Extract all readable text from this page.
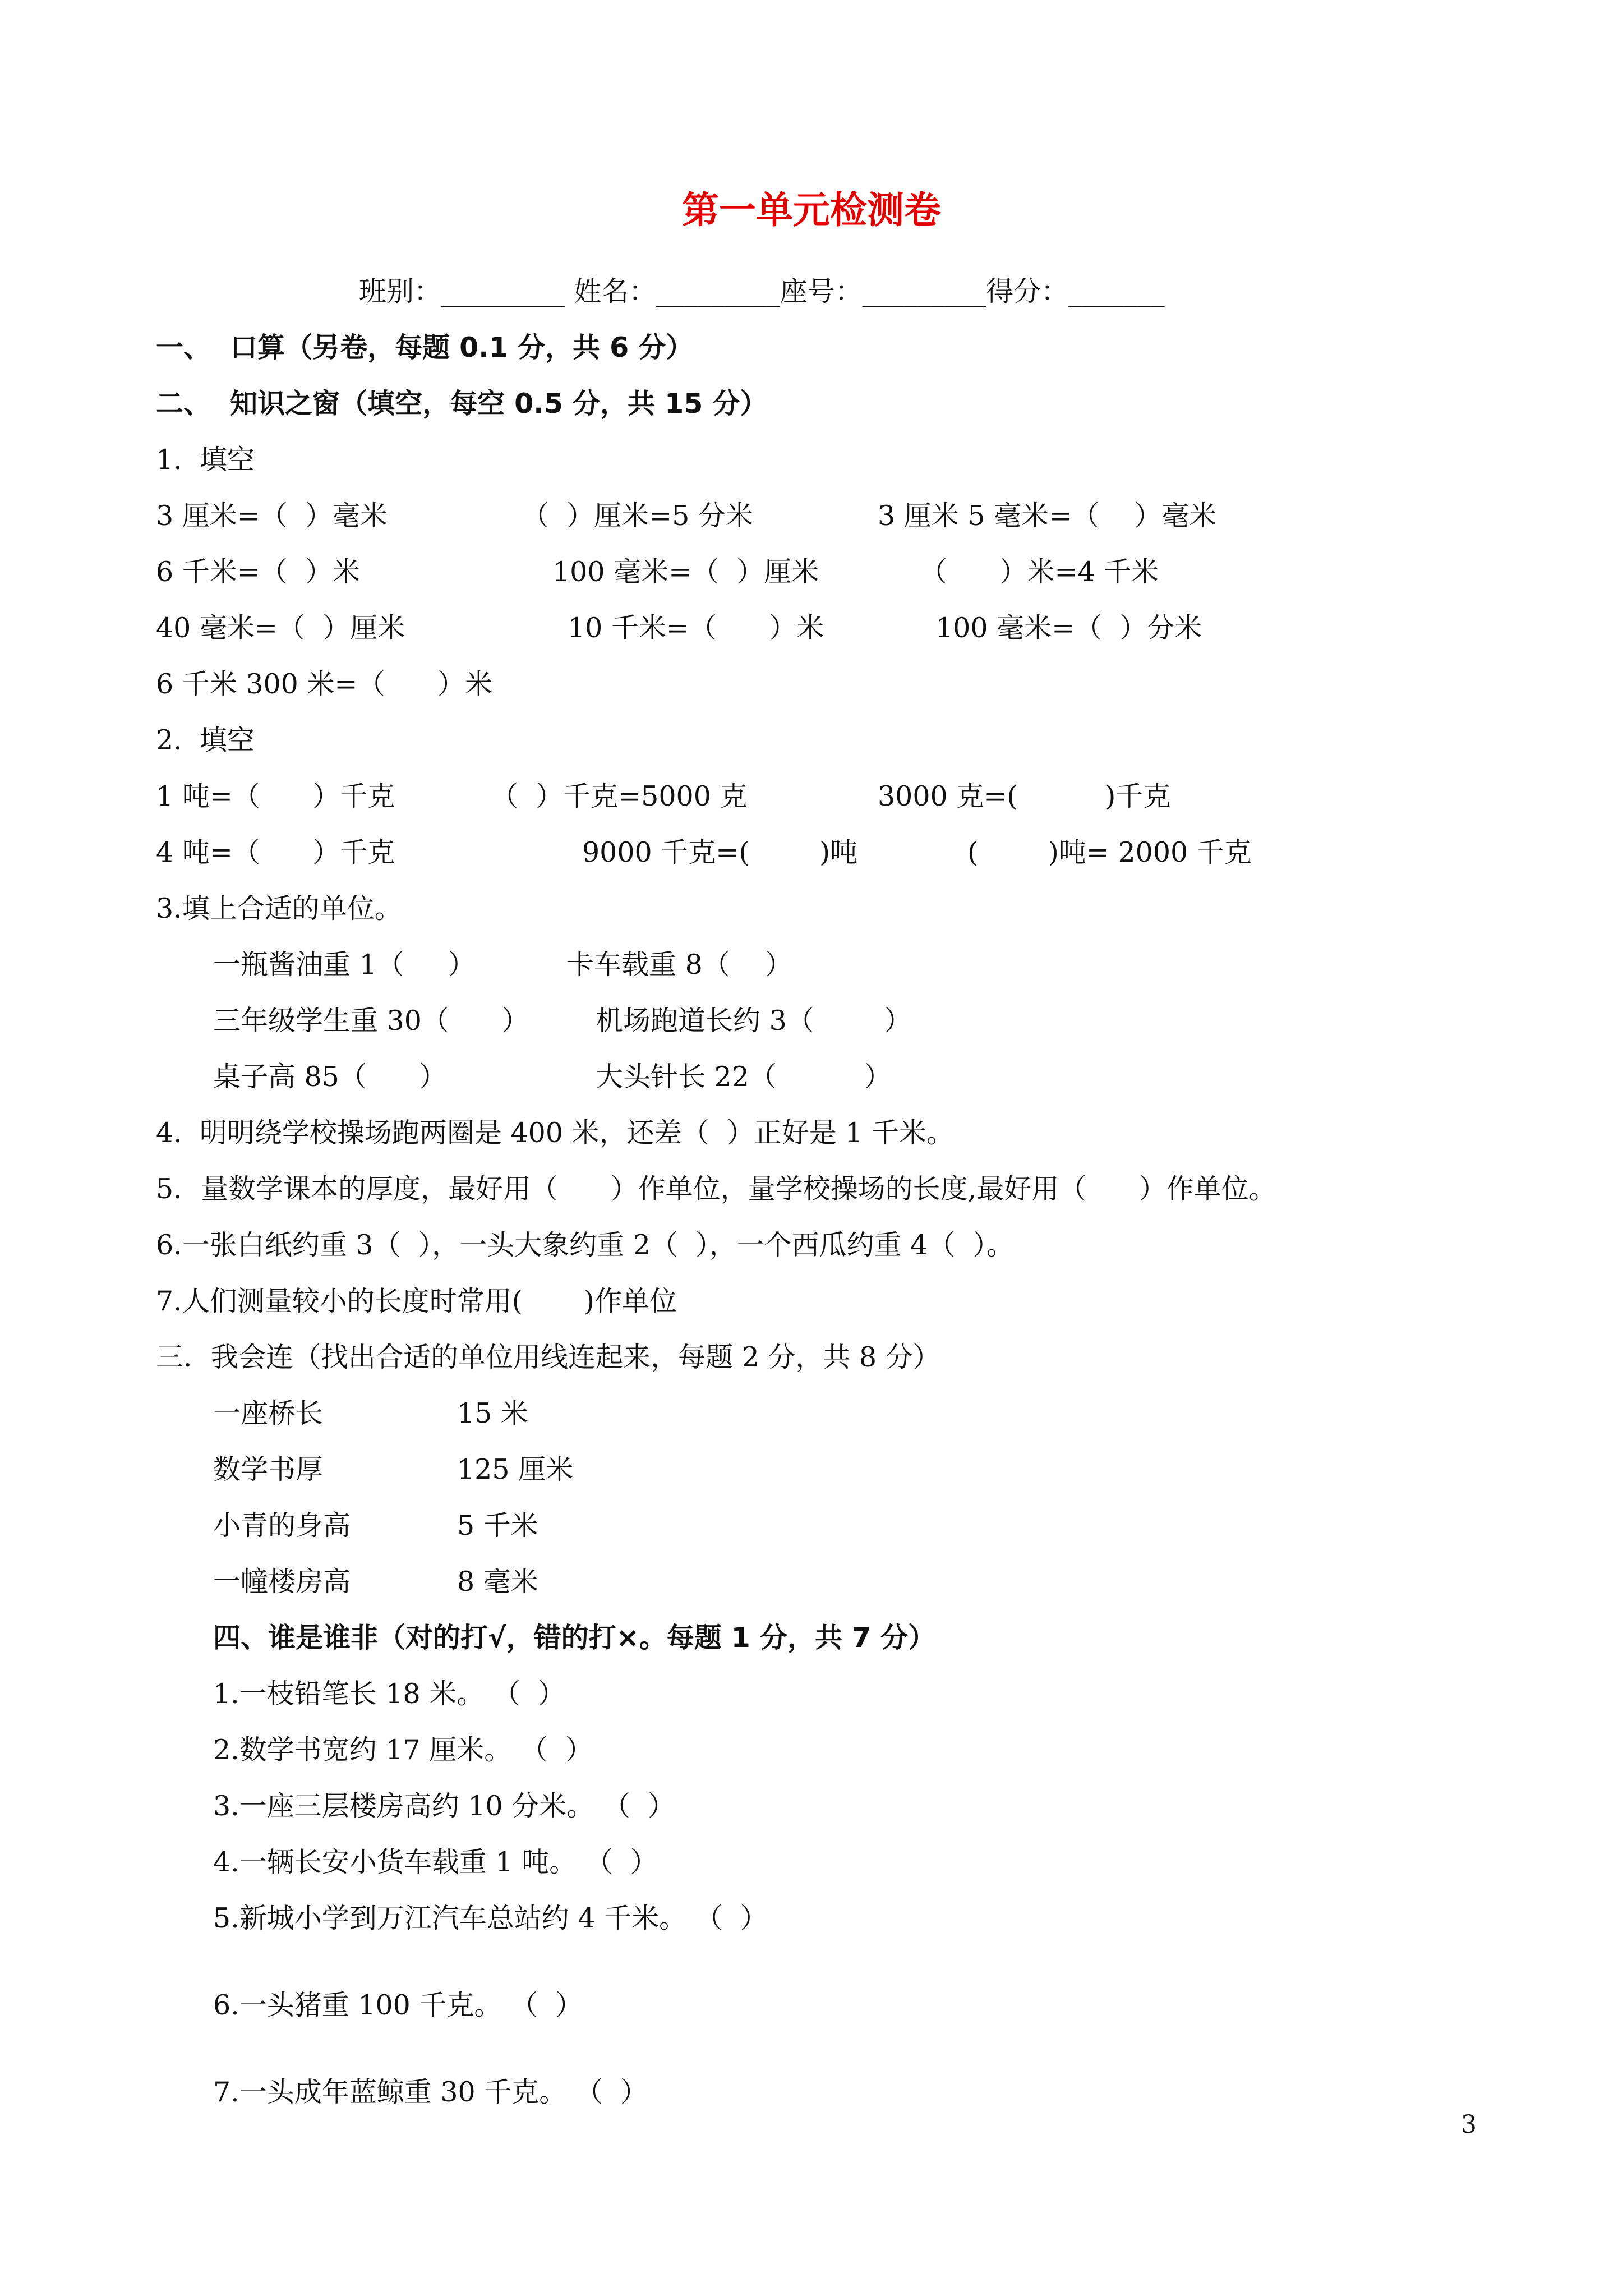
第一单元检测卷
班别：_________ 姓名：_________座号：_________得分：_______
一、  口算（另卷，每题 0.1 分，共 6 分）
二、  知识之窗（填空，每空 0.5 分，共 15 分）
1.  填空
3 厘米=（  ）毫米	（  ）厘米=5 分米	3 厘米 5 毫米=（    ）毫米
6 千米=（  ）米	100 毫米=（  ）厘米	（      ）米=4 千米
40 毫米=（  ）厘米	10 千米=（      ）米	100 毫米=（  ）分米
6 千米 300 米=（      ）米
2.  填空
1 吨=（      ）千克	（  ）千克=5000 克	3000 克=(          )千克
4 吨=（      ）千克	9000 千克=(        )吨	(        )吨= 2000 千克
3.填上合适的单位。
一瓶酱油重 1（     ）	卡车载重 8（    ）
三年级学生重 30（      ） 机场跑道长约 3（        ）
桌子高 85（      ）	大头针长 22（          ）
4.  明明绕学校操场跑两圈是 400 米，还差（  ）正好是 1 千米。
5．量数学课本的厚度，最好用（      ）作单位，量学校操场的长度,最好用（      ）作单位。
6.一张白纸约重 3（  ），一头大象约重 2（  ），一个西瓜约重 4（  ）。
7.人们测量较小的长度时常用(       )作单位
三．我会连（找出合适的单位用线连起来，每题 2 分，共 8 分）
一座桥长	15 米
数学书厚	125 厘米
小青的身高	5 千米
一幢楼房高	8 毫米
四、谁是谁非（对的打√，错的打×。每题 1 分，共 7 分）
1.一枝铅笔长 18 米。 （  ）
2.数学书宽约 17 厘米。 （  ）
3.一座三层楼房高约 10 分米。 （  ）
4.一辆长安小货车载重 1 吨。 （  ）
5.新城小学到万江汽车总站约 4 千米。 （  ）
6.一头猪重 100 千克。 （  ）
7.一头成年蓝鲸重 30 千克。 （  ）
3
